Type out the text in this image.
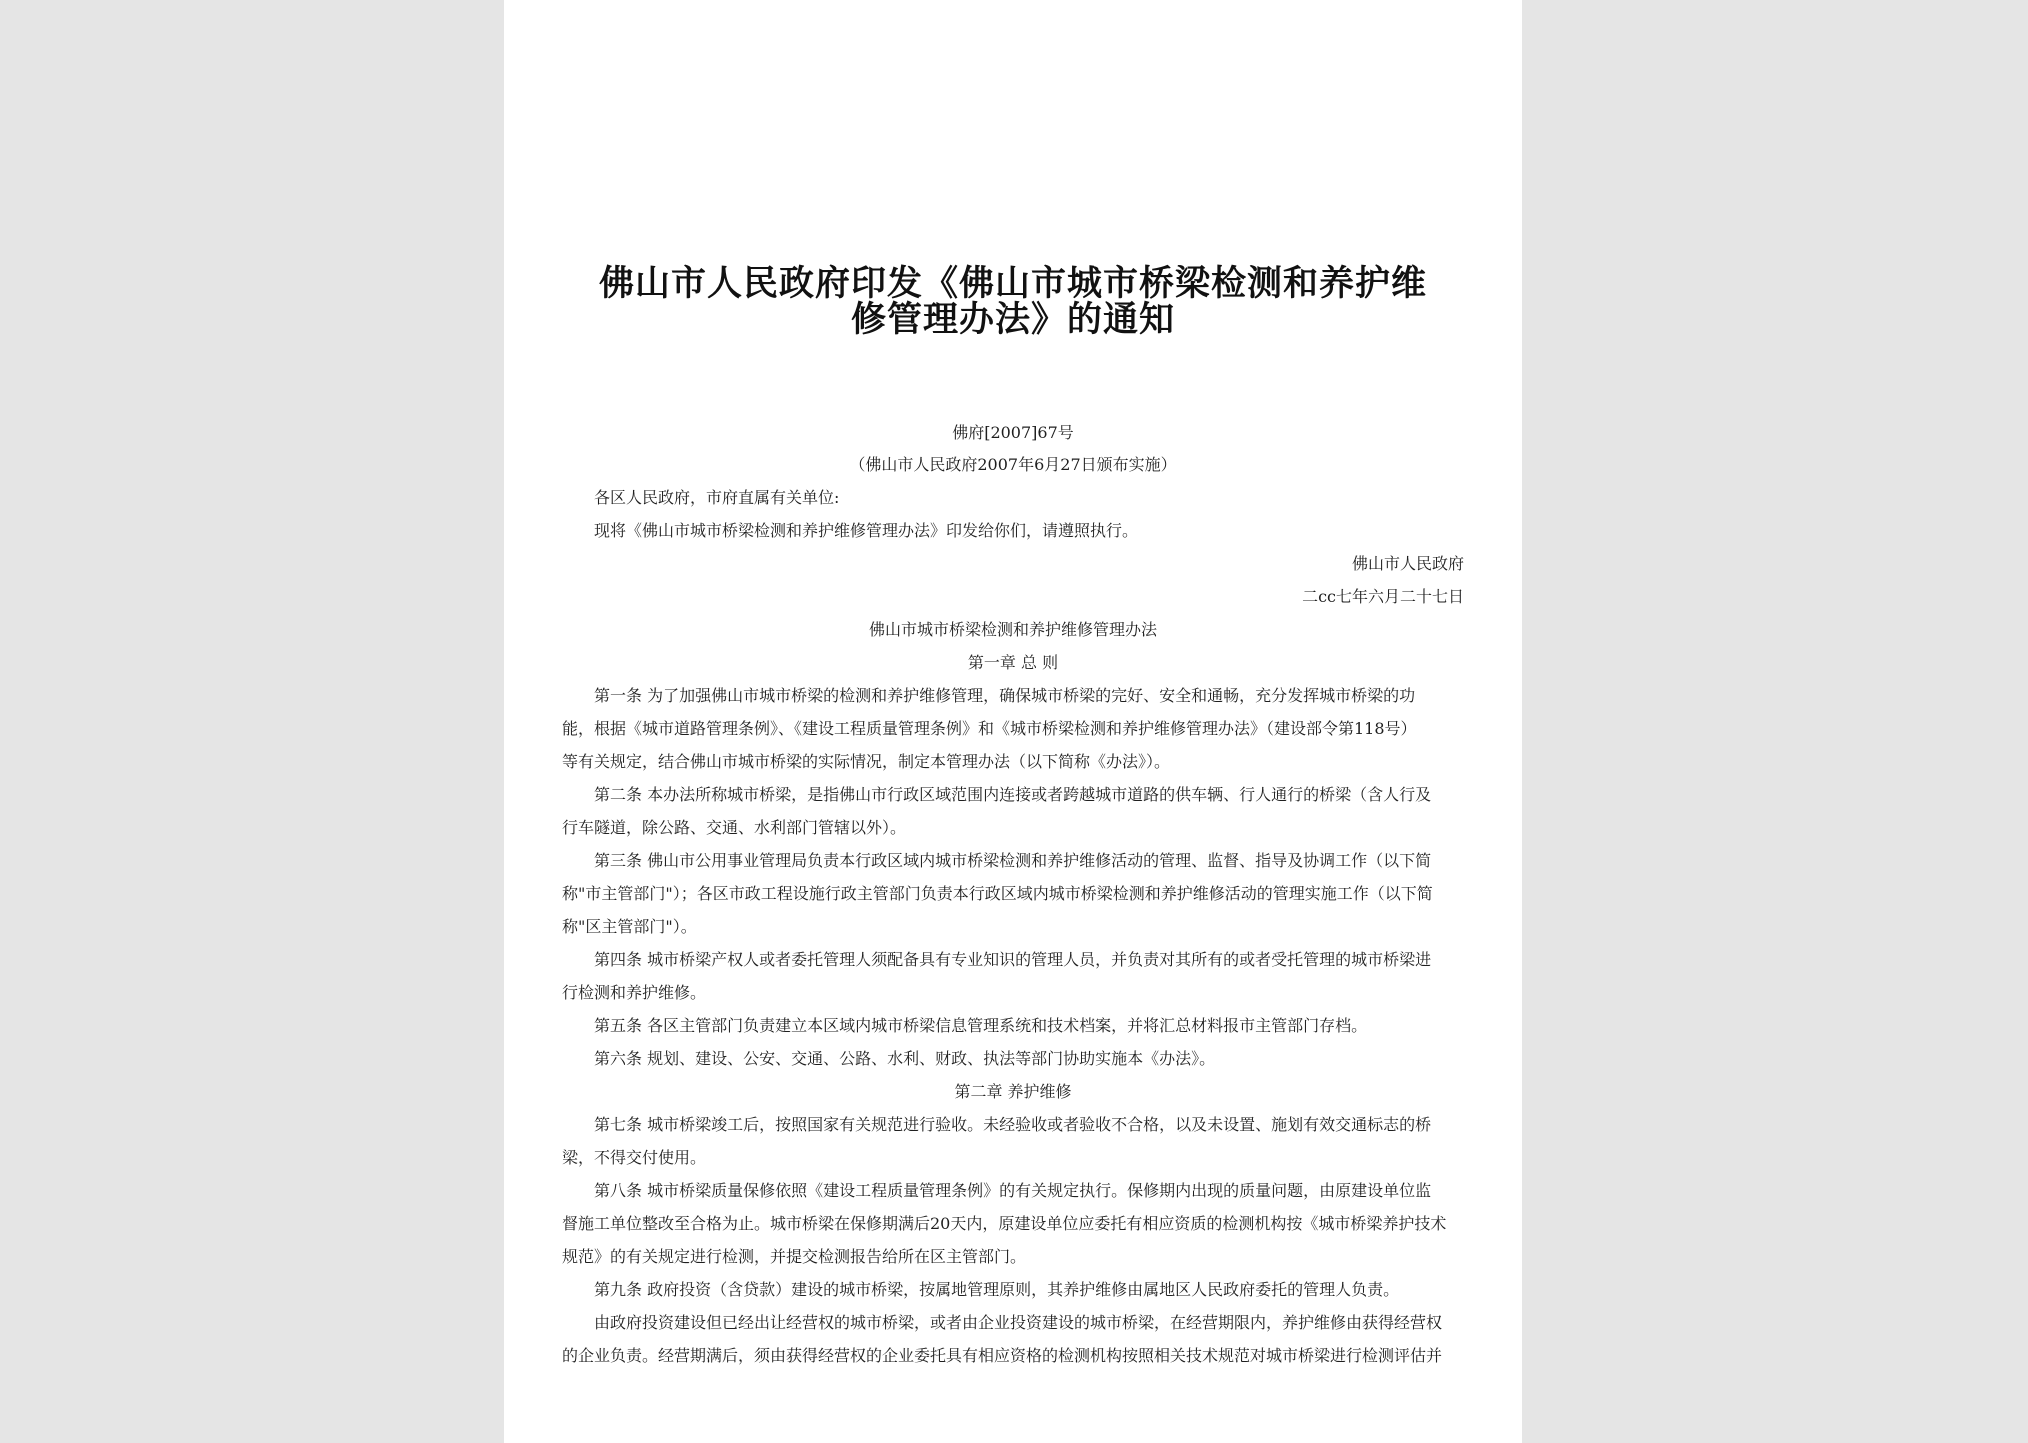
佛山市人民政府印发《佛山市城市桥梁检测和养护维
修管理办法》的通知
佛府[2007]67号
（佛山市人民政府2007年6月27日颁布实施）
各区人民政府，市府直属有关单位:
现将《佛山市城市桥梁检测和养护维修管理办法》印发给你们，请遵照执行。
佛山市人民政府
二cc七年六月二十七日
佛山市城市桥梁检测和养护维修管理办法
第一章 总 则
第一条 为了加强佛山市城市桥梁的检测和养护维修管理，确保城市桥梁的完好、安全和通畅，充分发挥城市桥梁的功
能，根据《城市道路管理条例》、《建设工程质量管理条例》和《城市桥梁检测和养护维修管理办法》（建设部令第118号）
等有关规定，结合佛山市城市桥梁的实际情况，制定本管理办法（以下简称《办法》）。
第二条 本办法所称城市桥梁，是指佛山市行政区域范围内连接或者跨越城市道路的供车辆、行人通行的桥梁（含人行及
行车隧道，除公路、交通、水利部门管辖以外）。
第三条 佛山市公用事业管理局负责本行政区域内城市桥梁检测和养护维修活动的管理、监督、指导及协调工作（以下简
称"市主管部门"）；各区市政工程设施行政主管部门负责本行政区域内城市桥梁检测和养护维修活动的管理实施工作（以下简
称"区主管部门"）。
第四条 城市桥梁产权人或者委托管理人须配备具有专业知识的管理人员，并负责对其所有的或者受托管理的城市桥梁进
行检测和养护维修。
第五条 各区主管部门负责建立本区域内城市桥梁信息管理系统和技术档案，并将汇总材料报市主管部门存档。
第六条 规划、建设、公安、交通、公路、水利、财政、执法等部门协助实施本《办法》。
第二章 养护维修
第七条 城市桥梁竣工后，按照国家有关规范进行验收。未经验收或者验收不合格，以及未设置、施划有效交通标志的桥
梁，不得交付使用。
第八条 城市桥梁质量保修依照《建设工程质量管理条例》的有关规定执行。保修期内出现的质量问题，由原建设单位监
督施工单位整改至合格为止。城市桥梁在保修期满后20天内，原建设单位应委托有相应资质的检测机构按《城市桥梁养护技术
规范》的有关规定进行检测，并提交检测报告给所在区主管部门。
第九条 政府投资（含贷款）建设的城市桥梁，按属地管理原则，其养护维修由属地区人民政府委托的管理人负责。
由政府投资建设但已经出让经营权的城市桥梁，或者由企业投资建设的城市桥梁，在经营期限内，养护维修由获得经营权
的企业负责。经营期满后，须由获得经营权的企业委托具有相应资格的检测机构按照相关技术规范对城市桥梁进行检测评估并
